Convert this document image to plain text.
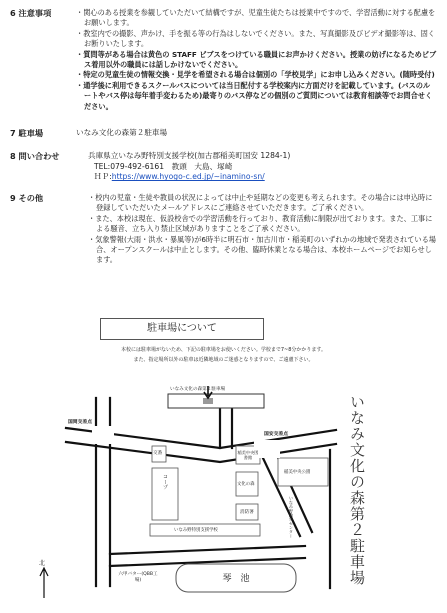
6 注意事項	・関心のある授業を参観していただいて結構ですが、児童生徒たちは授業中ですので、学習活動に対する配慮をお願いします。

・教室内での撮影、声かけ、手を振る等の行為はしないでください。また、写真撮影及びビデオ撮影等は、固くお断りいたします。

・質問等がある場合は黄色の STAFF ビブスをつけている職員にお声かけください。授業の妨げになるためビブス着用以外の職員には話しかけないでください。

・特定の児童生徒の情報交換・見学を希望される場合は個別の「学校見学」にお申し込みください。(随時受付)

・通学後に利用できるスクールバスについては当日配付する学校案内に方面だけを記載しています。(バスのルートやバス停は毎年着手変わるため)最寄りのバス停などの個別のご質問については教育相談等でお問合せください。

7 駐車場	いなみ文化の森第２駐車場
8 問い合わせ	兵庫県立いなみ野特別支援学校(加古郡稲美町国安 1284-1)

TEL:079-492-6161　教頭　大島、塚崎

ＨＰ:https://www.hyogo-c.ed.jp/~inamino-sn/

9 その他	・校内の児童・生徒や教員の状況によっては中止や延期などの変更も考えられます。その場合には申込時に登録していただいたメールアドレスにご連絡させていただきます。ご了承ください。

・また、本校は現在、仮設校舎での学習活動を行っており、教育活動に制限が出ております。また、工事による騒音、立ち入り禁止区域がありますことをご了承ください。

・気象警報(大雨・洪水・暴風等)が6時半に明石市・加古川市・稲美町のいずれかの地域で発表されている場合、オープンスクールは中止とします。その他、臨時休業となる場合は、本校ホームページでお知らせします。

駐車場について
本校には駐車場がないため、下記の駐車場をお使いください。学校まで7~8分かかります。
また、指定場所以外の駐車は近隣地域のご迷惑となりますので、ご遠慮下さい。
いなみ文化の森第２駐車場
国岡交差点
国安交差点
交番
コープ
稲美中央図書館
文化の森
消防署
いなみ野特別支援学校
稲美中央公園
いなみ野勤労センター
六甲バター(QBB工場)	琴　池
北	いなみ文化の森第２駐車場
